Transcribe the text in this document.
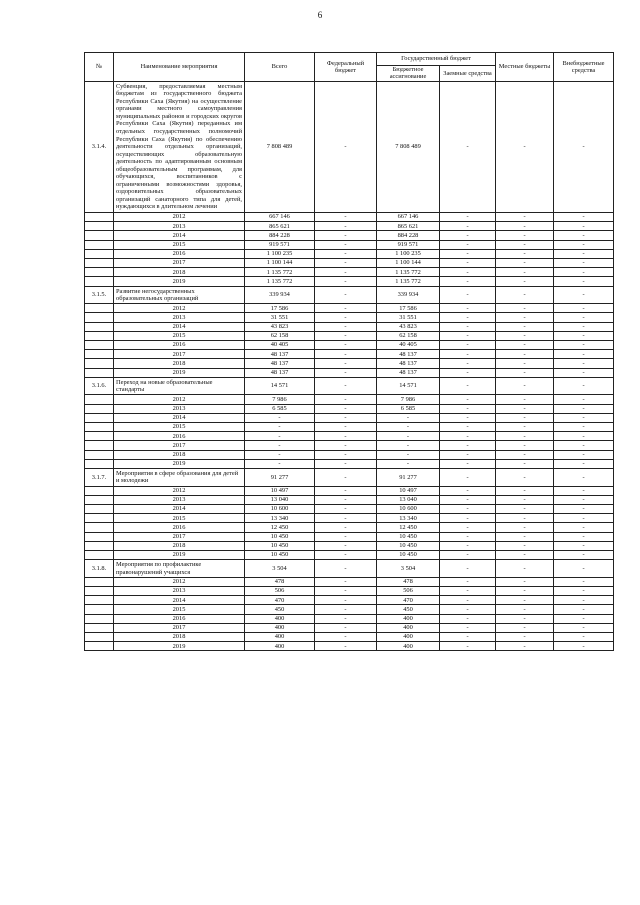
6
№	Наименование мероприятия	Всего	Федеральный бюджет	Государственный бюджет		Местные бюджеты	Внебюджетные средства
				Бюджетное ассигнование	Заемные средства		
3.1.4.	Субвенция, предоставляемая местным бюджетам из государственного бюджета Республики Саха (Якутия) на осуществление органами местного самоуправления муниципальных районов и городских округов Республики Саха (Якутия) переданных им отдельных государственных полномочий Республики Саха (Якутия) по обеспечению деятельности отдельных организаций, осуществляющих образовательную деятельность по адаптированным основным общеобразовательным программам, для обучающихся, воспитанников с ограниченными возможностями здоровья, оздоровительных образовательных организаций санаторного типа для детей, нуждающихся в длительном лечении	7 808 489	-	7 808 489	-	-	-
	2012	667 146	-	667 146	-	-	-
	2013	865 621	-	865 621	-	-	-
	2014	884 228	-	884 228	-	-	-
	2015	919 571	-	919 571	-	-	-
	2016	1 100 235	-	1 100 235	-	-	-
	2017	1 100 144	-	1 100 144	-	-	-
	2018	1 135 772	-	1 135 772	-	-	-
	2019	1 135 772	-	1 135 772	-	-	-
3.1.5.	Развитие негосударственных образовательных организаций	339 934	-	339 934	-	-	-
	2012	17 586	-	17 586	-	-	-
	2013	31 551	-	31 551	-	-	-
	2014	43 823	-	43 823	-	-	-
	2015	62 158	-	62 158	-	-	-
	2016	40 405	-	40 405	-	-	-
	2017	48 137	-	48 137	-	-	-
	2018	48 137	-	48 137	-	-	-
	2019	48 137	-	48 137	-	-	-
3.1.6.	Переход на новые образовательные стандарты	14 571	-	14 571	-	-	-
	2012	7 986	-	7 986	-	-	-
	2013	6 585	-	6 585	-	-	-
	2014	-	-	-	-	-	-
	2015	-	-	-	-	-	-
	2016	-	-	-	-	-	-
	2017	-	-	-	-	-	-
	2018	-	-	-	-	-	-
	2019	-	-	-	-	-	-
3.1.7.	Мероприятия в сфере образования для детей и молодежи	91 277	-	91 277	-	-	-
	2012	10 497	-	10 497	-	-	-
	2013	13 040	-	13 040	-	-	-
	2014	10 600	-	10 600	-	-	-
	2015	13 340	-	13 340	-	-	-
	2016	12 450	-	12 450	-	-	-
	2017	10 450	-	10 450	-	-	-
	2018	10 450	-	10 450	-	-	-
	2019	10 450	-	10 450	-	-	-
3.1.8.	Мероприятия по профилактике правонарушений учащихся	3 504	-	3 504	-	-	-
	2012	478	-	478	-	-	-
	2013	506	-	506	-	-	-
	2014	470	-	470	-	-	-
	2015	450	-	450	-	-	-
	2016	400	-	400	-	-	-
	2017	400	-	400	-	-	-
	2018	400	-	400	-	-	-
	2019	400	-	400	-	-	-
